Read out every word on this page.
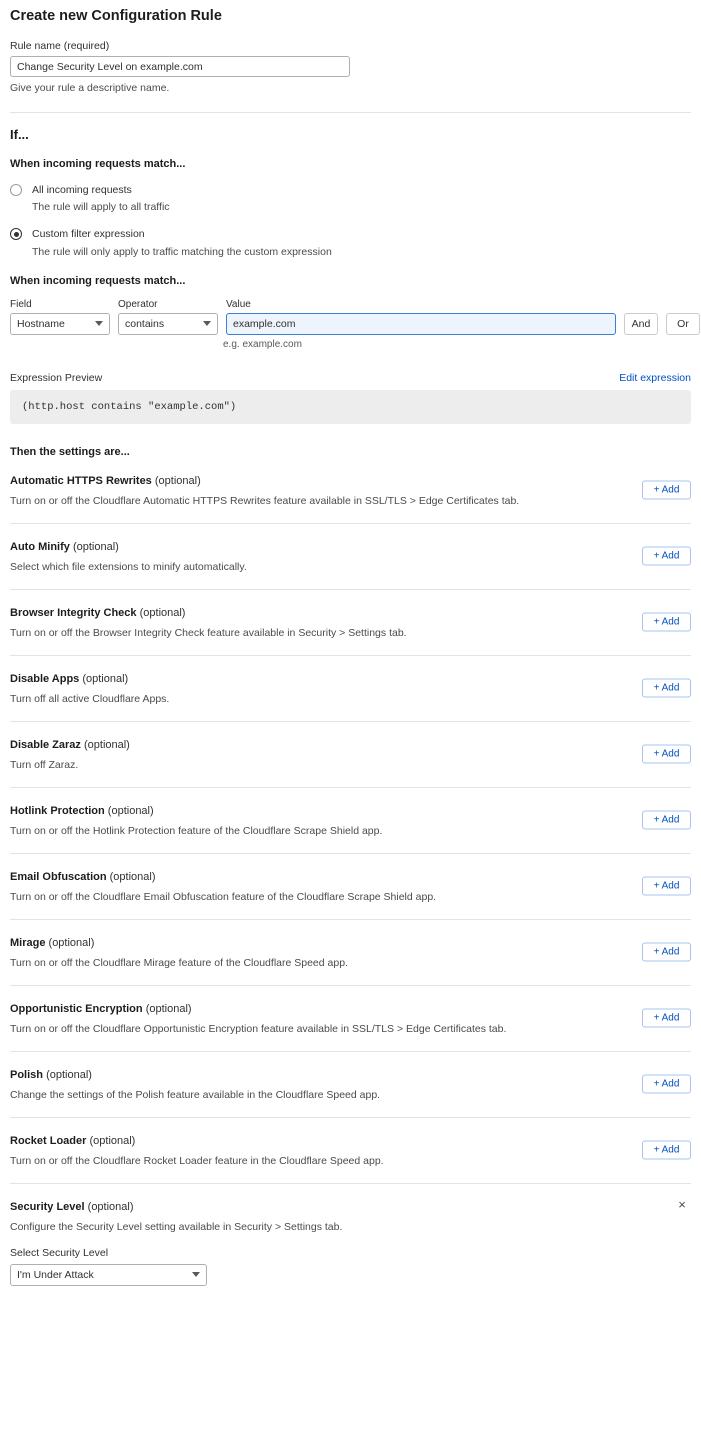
Create new Configuration Rule
Rule name (required)
Change Security Level on example.com
Give your rule a descriptive name.
If...
When incoming requests match...
All incoming requests
The rule will apply to all traffic
Custom filter expression
The rule will only apply to traffic matching the custom expression
When incoming requests match...
Field
Hostname
Operator
contains
Value
example.com

And
	Or
e.g. example.com
Expression Preview	Edit expression
(http.host contains "example.com")
Then the settings are...
Automatic HTTPS Rewrites (optional)
Turn on or off the Cloudflare Automatic HTTPS Rewrites feature available in SSL/TLS > Edge Certificates tab.
+ Add
Auto Minify (optional)
Select which file extensions to minify automatically.
+ Add
Browser Integrity Check (optional)
Turn on or off the Browser Integrity Check feature available in Security > Settings tab.
+ Add
Disable Apps (optional)
Turn off all active Cloudflare Apps.
+ Add
Disable Zaraz (optional)
Turn off Zaraz.
+ Add
Hotlink Protection (optional)
Turn on or off the Hotlink Protection feature of the Cloudflare Scrape Shield app.
+ Add
Email Obfuscation (optional)
Turn on or off the Cloudflare Email Obfuscation feature of the Cloudflare Scrape Shield app.
+ Add
Mirage (optional)
Turn on or off the Cloudflare Mirage feature of the Cloudflare Speed app.
+ Add
Opportunistic Encryption (optional)
Turn on or off the Cloudflare Opportunistic Encryption feature available in SSL/TLS > Edge Certificates tab.
+ Add
Polish (optional)
Change the settings of the Polish feature available in the Cloudflare Speed app.
+ Add
Rocket Loader (optional)
Turn on or off the Cloudflare Rocket Loader feature in the Cloudflare Speed app.
+ Add
Security Level (optional)
Configure the Security Level setting available in Security > Settings tab.
×
Select Security Level
I'm Under Attack
